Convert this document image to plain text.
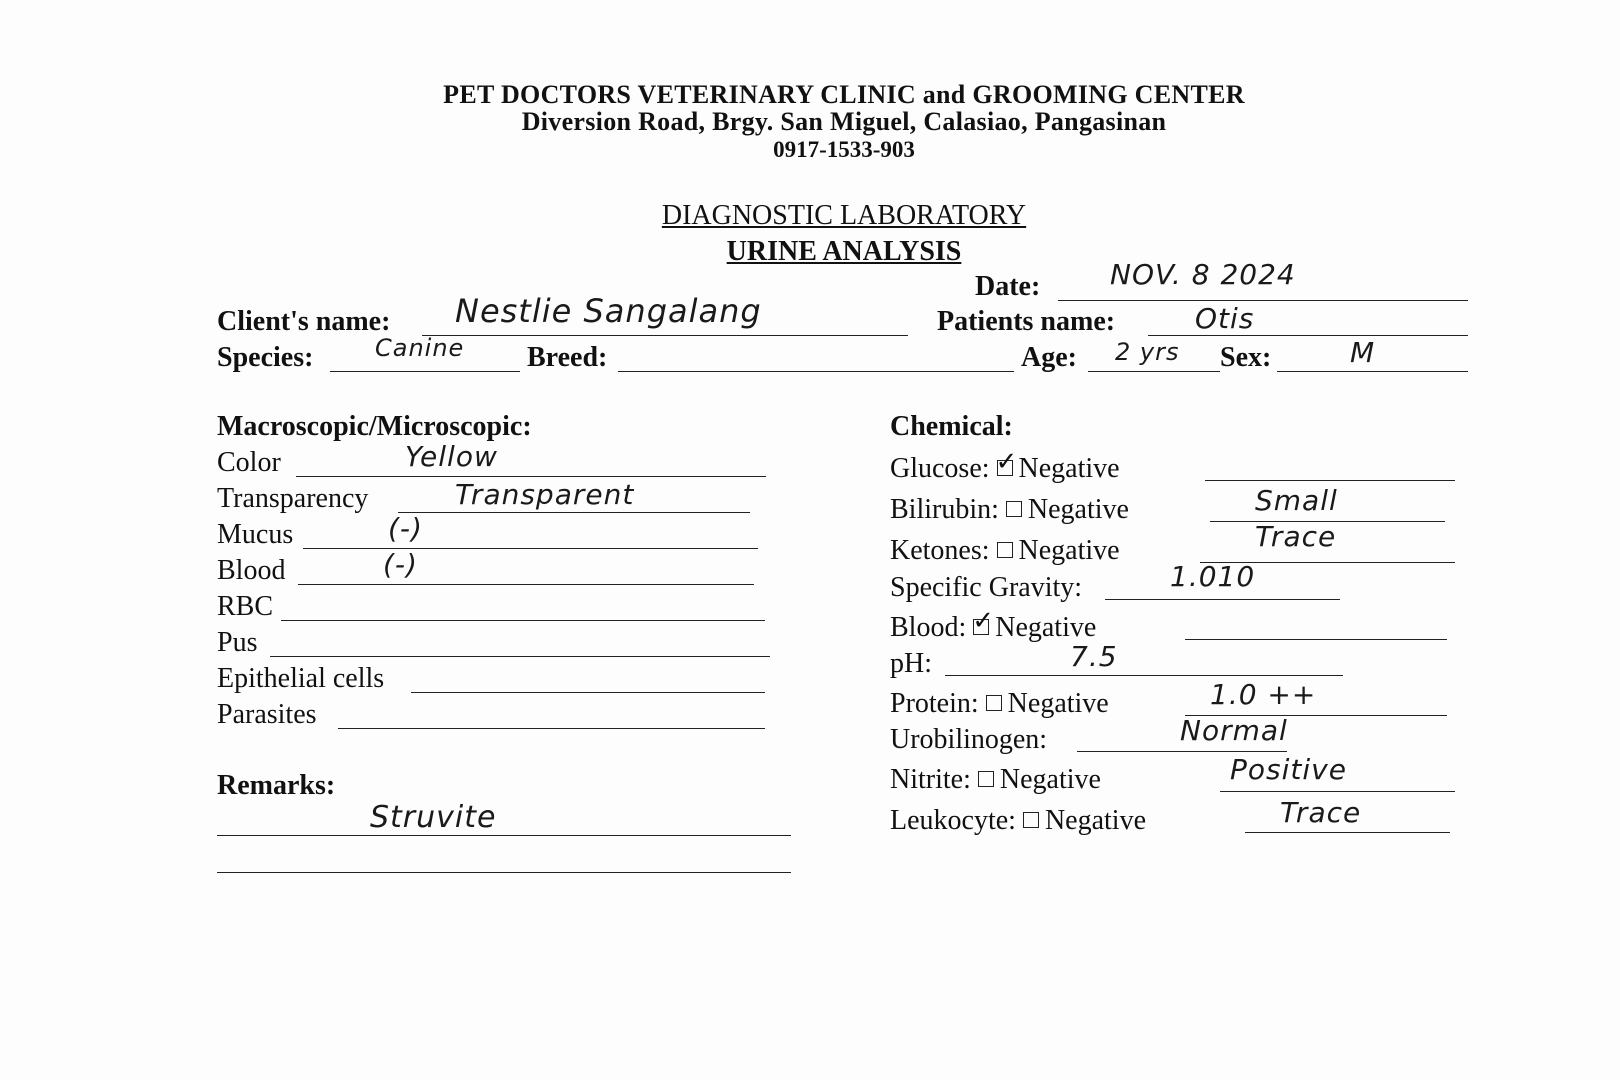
PET DOCTORS VETERINARY CLINIC and GROOMING CENTER
Diversion Road, Brgy. San Miguel, Calasiao, Pangasinan
0917-1533-903
DIAGNOSTIC LABORATORY
URINE ANALYSIS
Date: NOV. 8 2024
Client's name: Nestlie Sangalang	Patients name:	Otis
Species:	Canine Breed:	Age: 2 yrs Sex:	M
Macroscopic/Microscopic:
Color	Yellow
Transparency	Transparent
Mucus	(-)
Blood	(-)
RBC
Pus
Epithelial cells
Parasites
Remarks:
Struvite
Chemical:
Glucose: ✓ Negative
Bilirubin: Negative	Small
Ketones: Negative	Trace
Specific Gravity:	1.010
Blood: ✓ Negative
pH:	7.5
Protein: Negative	1.0 ++
Urobilinogen:	Normal
Nitrite: Negative	Positive
Leukocyte: Negative	Trace
